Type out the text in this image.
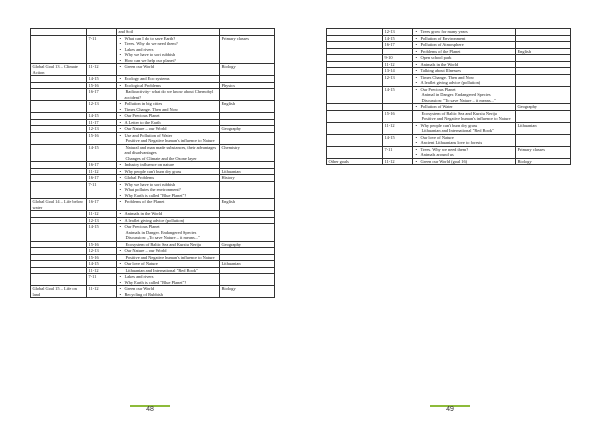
		and Soil	

	7-11	• What can I do to save Earth?
• Trees. Why do we need them?
• Lakes and rivers
• Why we have to sort rubbish
• How can we help our planet?	Primary classes
Global Goal 13 – Climate Action	11-12	• Green our World	Biology
	14-15	• Ecology and Eco systems

	15-16	• Ecological Problems	Physics
	16-17	• Radioactivity- what do we know about Chernobyl accident?

	12-13	• Pollution in big cities
• Times Change. Then and Now	English
	14-15	• Our Precious Planet

	11-17	• A Letter to the Earth

	12-13	• Our Nature – our World	Geography
	15-16	• Use and Pollution of Water
• Positive and Negative human's influence to Nature

	14-15	• Natural and man made substances, their advantages and disadvantages
• Changes of Climate and the Ozone layer	Chemistry
	16-17	• Industry influence on nature

	11-12	• Why people can't burn dry grass	Lithuanian
	16-17	• Global Problems	History
	7-11	• Why we have to sort rubbish
• What pollutes the environment?
• Why Earth is called "Blue Planet"?

Global Goal 14 – Life below water	16-17	• Problems of the Planet	English
	11-12	• Animals in the World

	12-13	• A leaflet giving advice (pollution)

	14-15	• Our Precious Planet
• Animals in Danger. Endangered Species
• Discussion: „To save Nature – it means..."

	15-16	• Ecosystem of Baltic Sea and Kursiu Nerija	Geography
	12-13	• Our Nature – our World

	15-16	• Positive and Negative human's influence to Nature

	14-15	• Our love of Nature	Lithuanian
	11-12	• Lithuanian and International "Red Book"

	7-11	• Lakes and rivers
• Why Earth is called "Blue Planet"?

Global Goal 15 – Life on land	11-12	• Green our World
• Recycling of Rubbish	Biology
48
	12-13	• Trees grow for many years

	14-15	• Pollution of Environment

	16-17	• Pollution of Atmosphere

		• Problems of the Planet	English
	9-10	• Open school park

	11-12	• Animals in the World

	13-14	• Talking about Illnesses

	12-13	• Times Change. Then and Now
• A leaflet giving advice (pollution)

	14-15	• Our Precious Planet
• Animal in Danger. Endangered Species
• Discussion: "To save Nature – it means..."

		• Pollution of Water	Geography
	15-16	• Ecosystem of Baltic Sea and Kursiu Nerija
• Positive and Negative human's influence to Nature

	11-12	• Why people can't burn dry grass
• Lithuanian and International "Red Book"	Lithuanian
	14-15	• Our love of Nature
• Ancient Lithuanians love to forests

	7-11	• Trees. Why we need them?
• Animals around us	Primary classes
Other goals	11-12	• Green our World (goal 16)	Biology
49
